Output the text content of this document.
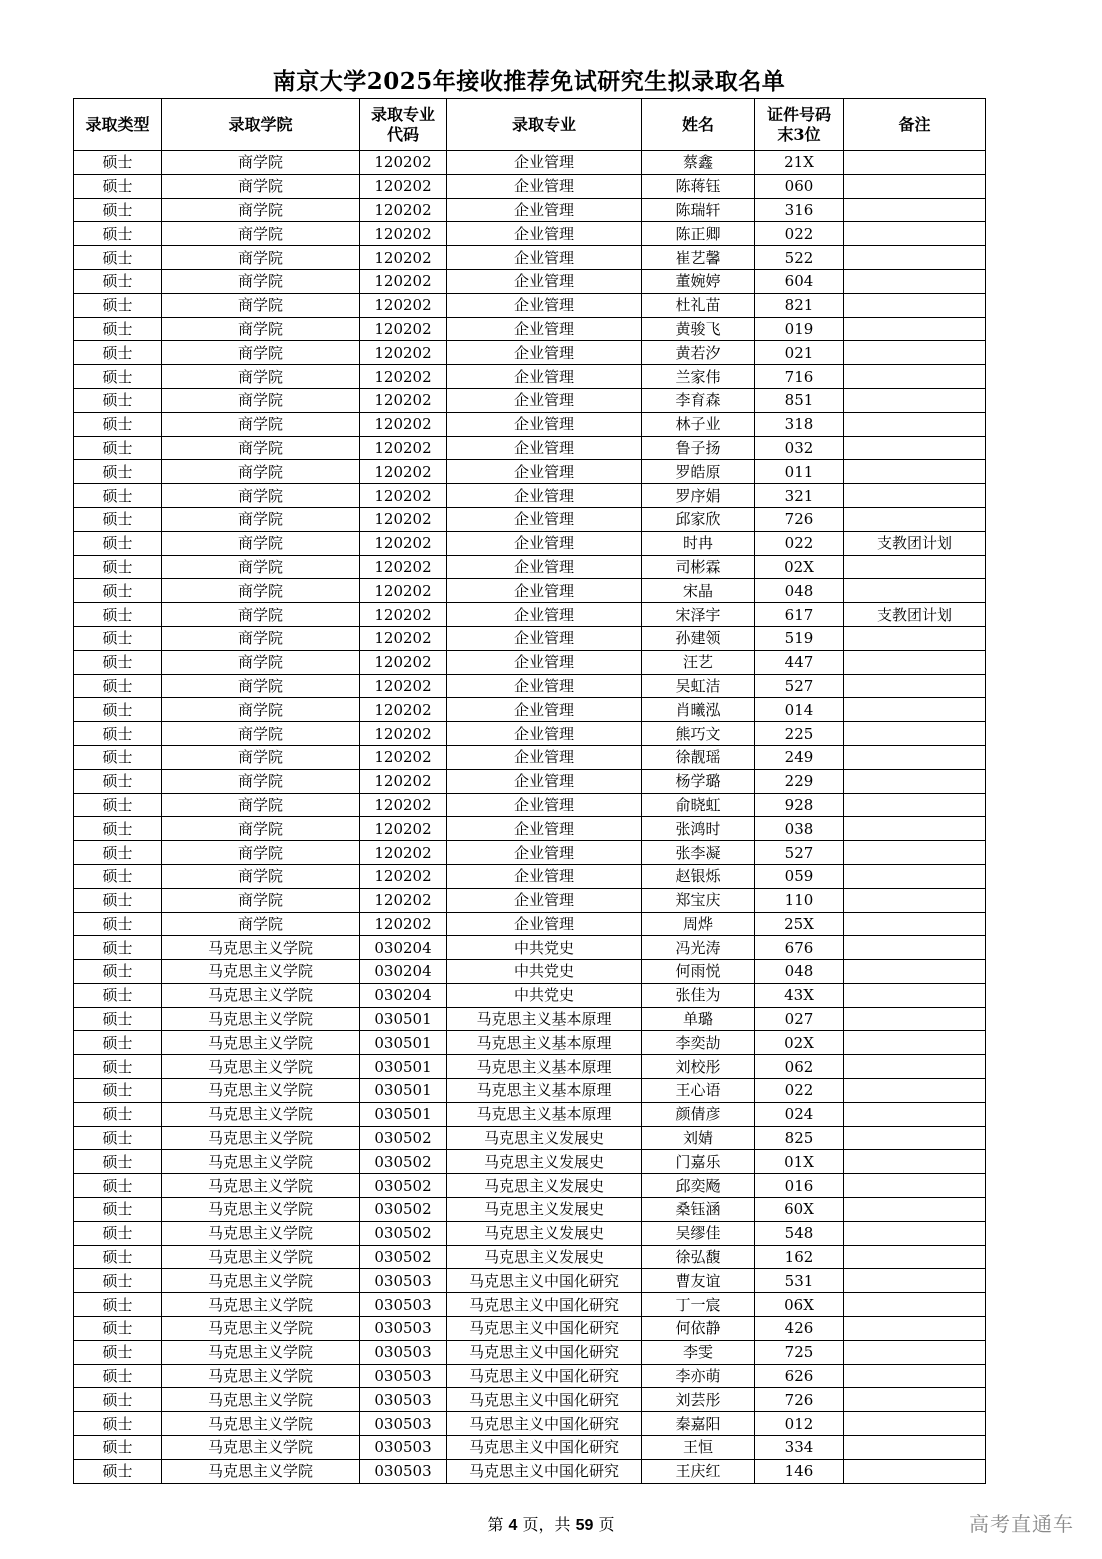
南京大学2025年接收推荐免试研究生拟录取名单
录取类型	录取学院	录取专业代码	录取专业	姓名	证件号码末3位	备注
硕士	商学院	120202	企业管理	蔡鑫	21X	
硕士	商学院	120202	企业管理	陈蒋钰	060	
硕士	商学院	120202	企业管理	陈瑞轩	316	
硕士	商学院	120202	企业管理	陈正卿	022	
硕士	商学院	120202	企业管理	崔艺馨	522	
硕士	商学院	120202	企业管理	董婉婷	604	
硕士	商学院	120202	企业管理	杜礼苗	821	
硕士	商学院	120202	企业管理	黄骏飞	019	
硕士	商学院	120202	企业管理	黄若汐	021	
硕士	商学院	120202	企业管理	兰家伟	716	
硕士	商学院	120202	企业管理	李育森	851	
硕士	商学院	120202	企业管理	林子业	318	
硕士	商学院	120202	企业管理	鲁子扬	032	
硕士	商学院	120202	企业管理	罗皓原	011	
硕士	商学院	120202	企业管理	罗序娟	321	
硕士	商学院	120202	企业管理	邱家欣	726	
硕士	商学院	120202	企业管理	时冉	022	支教团计划
硕士	商学院	120202	企业管理	司彬霖	02X	
硕士	商学院	120202	企业管理	宋晶	048	
硕士	商学院	120202	企业管理	宋泽宇	617	支教团计划
硕士	商学院	120202	企业管理	孙建领	519	
硕士	商学院	120202	企业管理	汪艺	447	
硕士	商学院	120202	企业管理	吴虹洁	527	
硕士	商学院	120202	企业管理	肖曦泓	014	
硕士	商学院	120202	企业管理	熊巧文	225	
硕士	商学院	120202	企业管理	徐靓瑶	249	
硕士	商学院	120202	企业管理	杨学璐	229	
硕士	商学院	120202	企业管理	俞晓虹	928	
硕士	商学院	120202	企业管理	张鸿时	038	
硕士	商学院	120202	企业管理	张李凝	527	
硕士	商学院	120202	企业管理	赵银烁	059	
硕士	商学院	120202	企业管理	郑宝庆	110	
硕士	商学院	120202	企业管理	周烨	25X	
硕士	马克思主义学院	030204	中共党史	冯光涛	676	
硕士	马克思主义学院	030204	中共党史	何雨悦	048	
硕士	马克思主义学院	030204	中共党史	张佳为	43X	
硕士	马克思主义学院	030501	马克思主义基本原理	单璐	027	
硕士	马克思主义学院	030501	马克思主义基本原理	李奕劼	02X	
硕士	马克思主义学院	030501	马克思主义基本原理	刘校彤	062	
硕士	马克思主义学院	030501	马克思主义基本原理	王心语	022	
硕士	马克思主义学院	030501	马克思主义基本原理	颜倩彦	024	
硕士	马克思主义学院	030502	马克思主义发展史	刘婧	825	
硕士	马克思主义学院	030502	马克思主义发展史	门嘉乐	01X	
硕士	马克思主义学院	030502	马克思主义发展史	邱奕飏	016	
硕士	马克思主义学院	030502	马克思主义发展史	桑钰涵	60X	
硕士	马克思主义学院	030502	马克思主义发展史	吴缪佳	548	
硕士	马克思主义学院	030502	马克思主义发展史	徐弘馥	162	
硕士	马克思主义学院	030503	马克思主义中国化研究	曹友谊	531	
硕士	马克思主义学院	030503	马克思主义中国化研究	丁一宸	06X	
硕士	马克思主义学院	030503	马克思主义中国化研究	何依静	426	
硕士	马克思主义学院	030503	马克思主义中国化研究	李雯	725	
硕士	马克思主义学院	030503	马克思主义中国化研究	李亦萌	626	
硕士	马克思主义学院	030503	马克思主义中国化研究	刘芸彤	726	
硕士	马克思主义学院	030503	马克思主义中国化研究	秦嘉阳	012	
硕士	马克思主义学院	030503	马克思主义中国化研究	王恒	334	
硕士	马克思主义学院	030503	马克思主义中国化研究	王庆红	146	
第 4 页，共 59 页	高考直通车
